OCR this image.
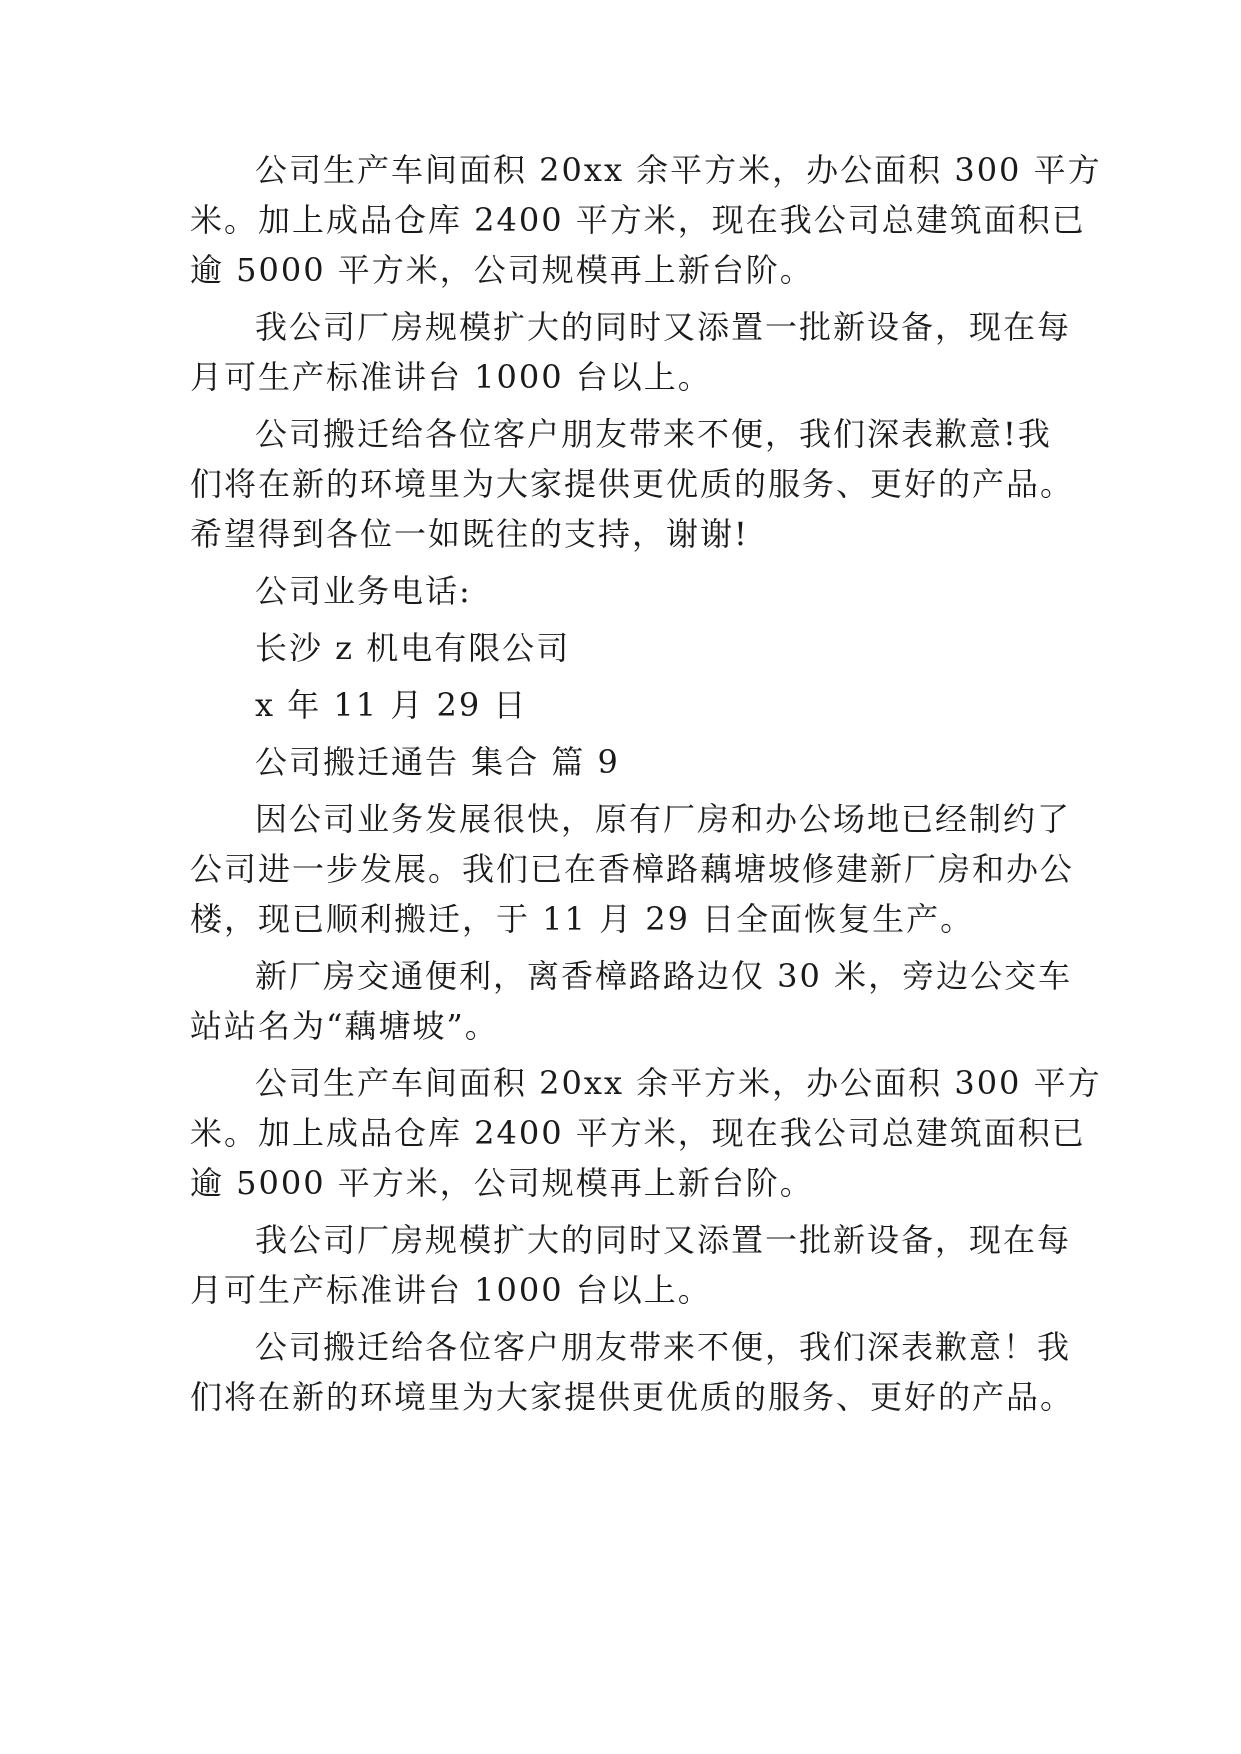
公司生产车间面积 20xx 余平方米，办公面积 300 平方
米。加上成品仓库 2400 平方米，现在我公司总建筑面积已
逾 5000 平方米，公司规模再上新台阶。
我公司厂房规模扩大的同时又添置一批新设备，现在每
月可生产标准讲台 1000 台以上。
公司搬迁给各位客户朋友带来不便，我们深表歉意!我
们将在新的环境里为大家提供更优质的服务、更好的产品。
希望得到各位一如既往的支持，谢谢!
公司业务电话:
长沙 z 机电有限公司
x 年 11 月 29 日
公司搬迁通告 集合 篇 9
因公司业务发展很快，原有厂房和办公场地已经制约了
公司进一步发展。我们已在香樟路藕塘坡修建新厂房和办公
楼，现已顺利搬迁，于 11 月 29 日全面恢复生产。
新厂房交通便利，离香樟路路边仅 30 米，旁边公交车
站站名为“藕塘坡”。
公司生产车间面积 20xx 余平方米，办公面积 300 平方
米。加上成品仓库 2400 平方米，现在我公司总建筑面积已
逾 5000 平方米，公司规模再上新台阶。
我公司厂房规模扩大的同时又添置一批新设备，现在每
月可生产标准讲台 1000 台以上。
公司搬迁给各位客户朋友带来不便，我们深表歉意！我
们将在新的环境里为大家提供更优质的服务、更好的产品。
